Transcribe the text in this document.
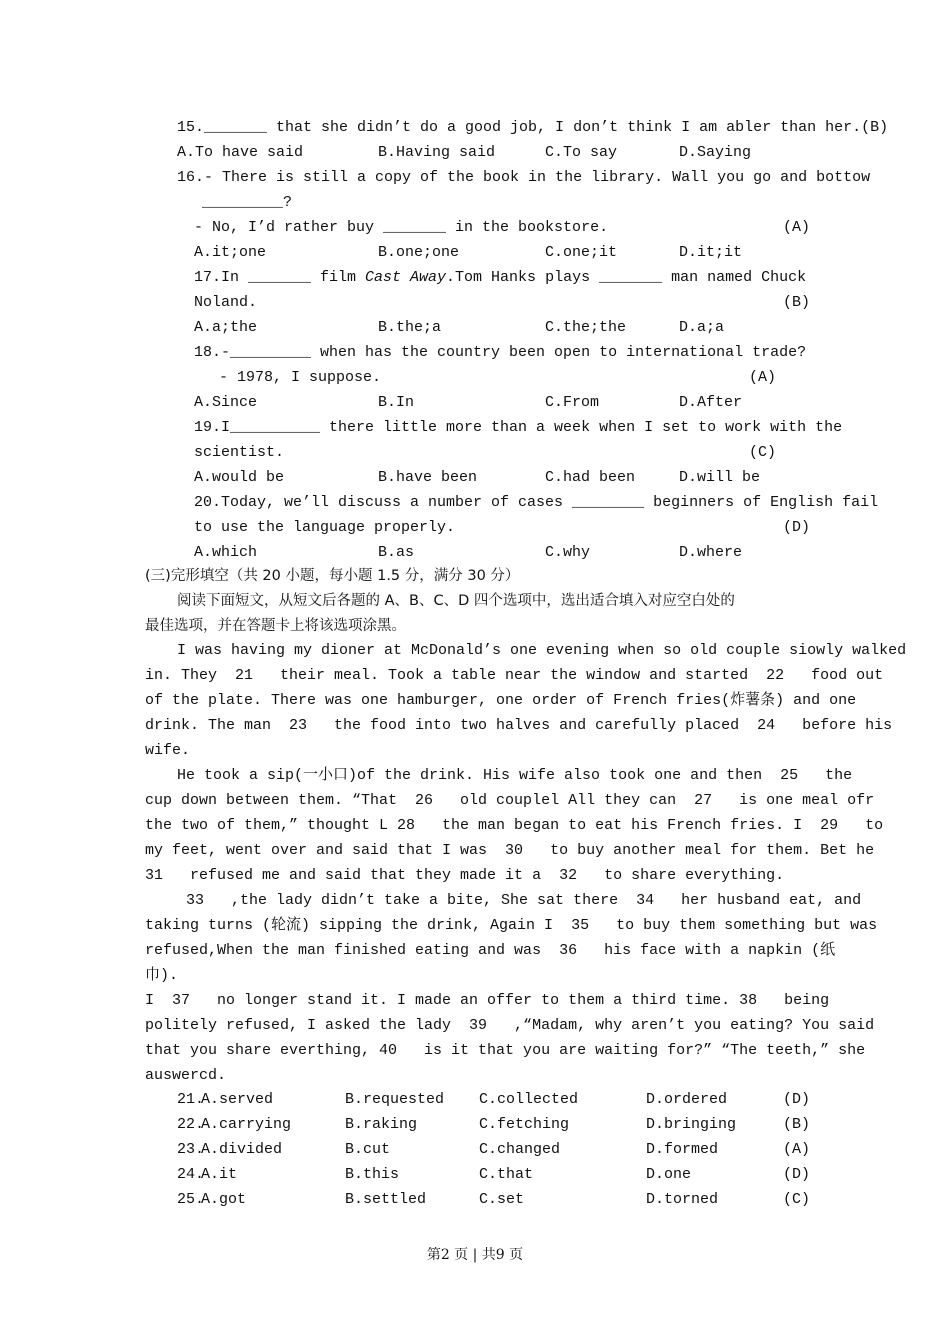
15._______ that she didn’t do a good job, I don’t think I am abler than her.(B)
A.To have said	B.Having said	C.To say	D.Saying
16.- There is still a copy of the book in the library. Wall you go and bottow
_________?
- No, I’d rather buy _______ in the bookstore.	(A)
A.it;one	B.one;one	C.one;it	D.it;it
17.In _______ film Cast Away.Tom Hanks plays _______ man named Chuck
Noland.	(B)
A.a;the	B.the;a	C.the;the	D.a;a
18.-_________ when has the country been open to international trade?
- 1978, I suppose.	(A)
A.Since	B.In	C.From	D.After
19.I__________ there little more than a week when I set to work with the
scientist.	(C)
A.would be	B.have been	C.had been	D.will be
20.Today, we’ll discuss a number of cases ________ beginners of English fail
to use the language properly.	(D)
A.which	B.as	C.why	D.where
(三)完形填空（共 20 小题，每小题 1.5 分，满分 30 分）
阅读下面短文，从短文后各题的 A、B、C、D 四个选项中，选出适合填入对应空白处的
最佳选项，并在答题卡上将该选项涂黑。
I was having my dioner at McDonald’s one evening when so old couple siowly walked
in. They  21   their meal. Took a table near the window and started  22   food out
of the plate. There was one hamburger, one order of French fries(炸薯条) and one
drink. The man  23   the food into two halves and carefully placed  24   before his
wife.
He took a sip(一小口)of the drink. His wife also took one and then  25   the
cup down between them. “That  26   old couplel All they can  27   is one meal ofr
the two of them,” thought L 28   the man began to eat his French fries. I  29   to
my feet, went over and said that I was  30   to buy another meal for them. Bet he
31   refused me and said that they made it a  32   to share everything.
33   ,the lady didn’t take a bite, She sat there  34   her husband eat, and
taking turns (轮流) sipping the drink, Again I  35   to buy them something but was
refused,When the man finished eating and was  36   his face with a napkin (纸
巾).
I  37   no longer stand it. I made an offer to them a third time. 38   being
politely refused, I asked the lady  39   ,“Madam, why aren’t you eating? You said
that you share everthing, 40   is it that you are waiting for?” “The teeth,” she
auswercd.
21.
A.served	B.requested C.collected	D.ordered	(D)
22.
A.carrying	B.raking	C.fetching	D.bringing	(B)
23.
A.divided	B.cut	C.changed	D.formed	(A)
24.
A.it	B.this	C.that	D.one	(D)
25.
A.got	B.settled	C.set	D.torned	(C)
第2 页 | 共9 页
